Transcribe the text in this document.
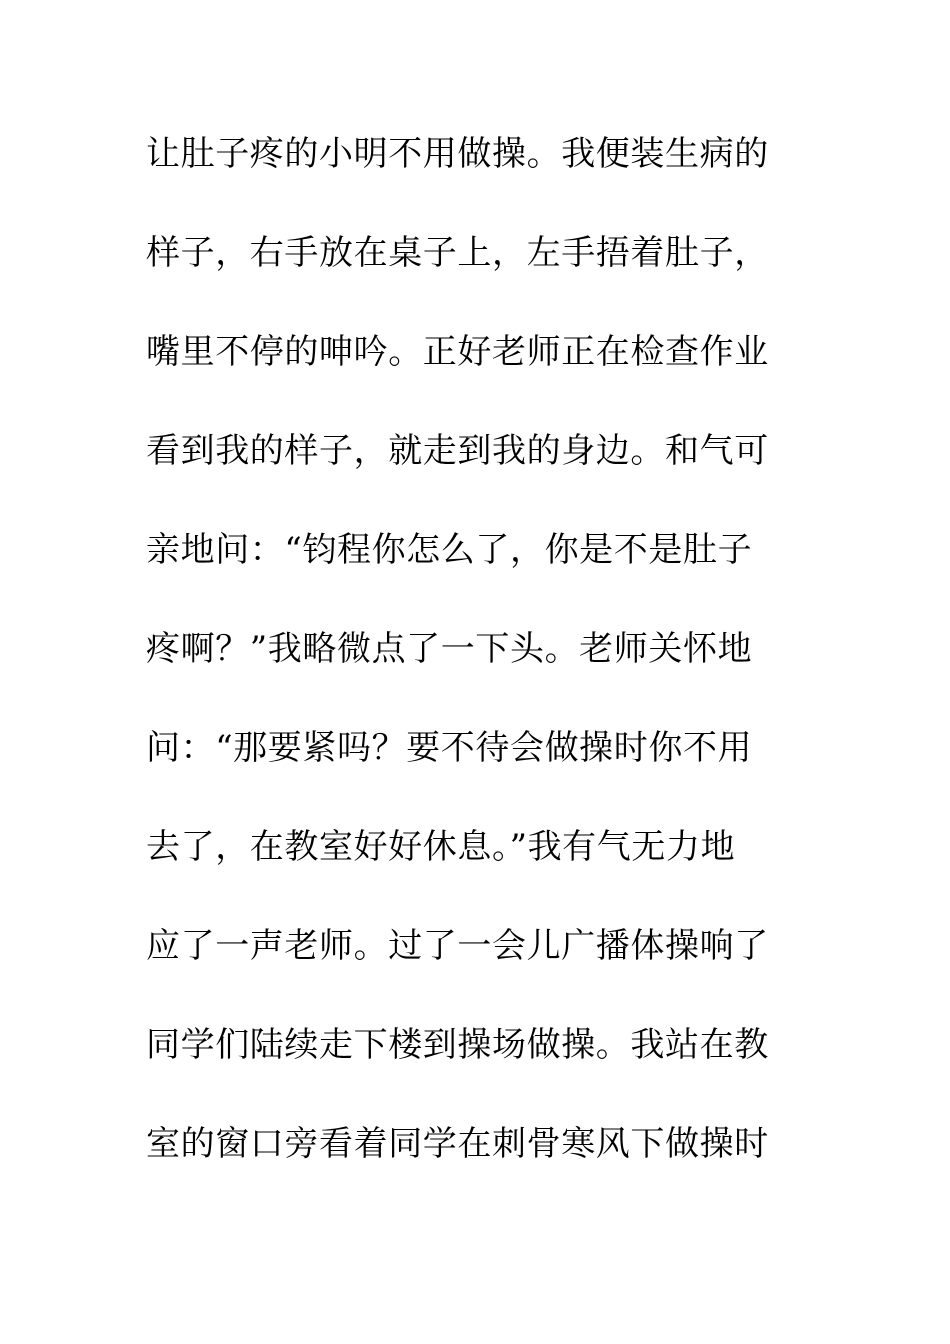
让肚子疼的小明不用做操。我便装生病的
样子，右手放在桌子上，左手捂着肚子，
嘴里不停的呻吟。正好老师正在检查作业
看到我的样子，就走到我的身边。和气可
亲地问：“钧程你怎么了，你是不是肚子
疼啊？”我略微点了一下头。老师关怀地
问：“那要紧吗？要不待会做操时你不用
去了，在教室好好休息。”我有气无力地
应了一声老师。过了一会儿广播体操响了
同学们陆续走下楼到操场做操。我站在教
室的窗口旁看着同学在刺骨寒风下做操时
